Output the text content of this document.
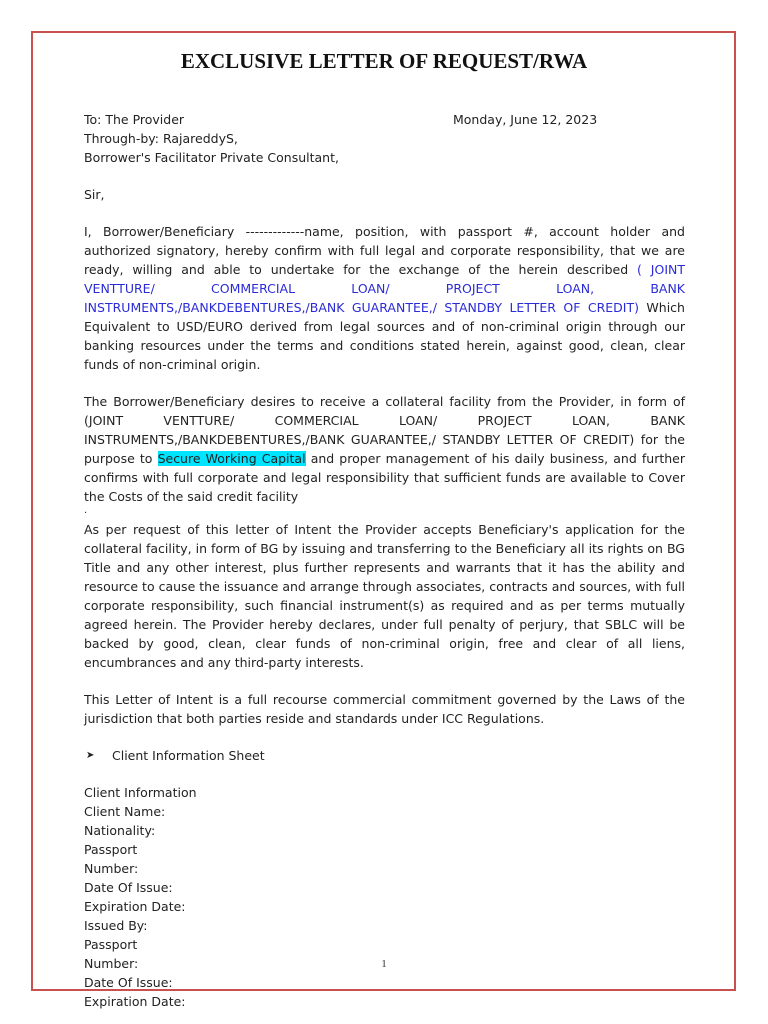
EXCLUSIVE LETTER OF REQUEST/RWA
To: The Provider	Monday, June 12, 2023
Through-by: RajareddyS,
Borrower's Facilitator Private Consultant,
Sir,

I, Borrower/Beneficiary -------------name, position, with passport #, account holder and authorized signatory, hereby confirm with full legal and corporate responsibility, that we are ready, willing and able to undertake for the exchange of the herein described ( JOINT VENTTURE/ COMMERCIAL LOAN/ PROJECT LOAN, BANK INSTRUMENTS,/BANKDEBENTURES,/BANK GUARANTEE,/ STANDBY LETTER OF CREDIT) Which Equivalent to USD/EURO derived from legal sources and of non-criminal origin through our banking resources under the terms and conditions stated herein, against good, clean, clear funds of non-criminal origin.

The Borrower/Beneficiary desires to receive a collateral facility from the Provider, in form of (JOINT VENTTURE/ COMMERCIAL LOAN/ PROJECT LOAN, BANK INSTRUMENTS,/BANKDEBENTURES,/BANK GUARANTEE,/ STANDBY LETTER OF CREDIT) for the purpose to Secure Working Capital and proper management of his daily business, and further confirms with full corporate and legal responsibility that sufficient funds are available to Cover the Costs of the said credit facility

.

As per request of this letter of Intent the Provider accepts Beneficiary's application for the collateral facility, in form of BG by issuing and transferring to the Beneficiary all its rights on BG Title and any other interest, plus further represents and warrants that it has the ability and resource to cause the issuance and arrange through associates, contracts and sources, with full corporate responsibility, such financial instrument(s) as required and as per terms mutually agreed herein. The Provider hereby declares, under full penalty of perjury, that SBLC will be backed by good, clean, clear funds of non-criminal origin, free and clear of all liens, encumbrances and any third-party interests.

This Letter of Intent is a full recourse commercial commitment governed by the Laws of the jurisdiction that both parties reside and standards under ICC Regulations.

➤	Client Information Sheet
Client Information
Client Name:
Nationality:
Passport
Number:
Date Of Issue:
Expiration Date:
Issued By:
Passport
Number:
Date Of Issue:
Expiration Date:
1
